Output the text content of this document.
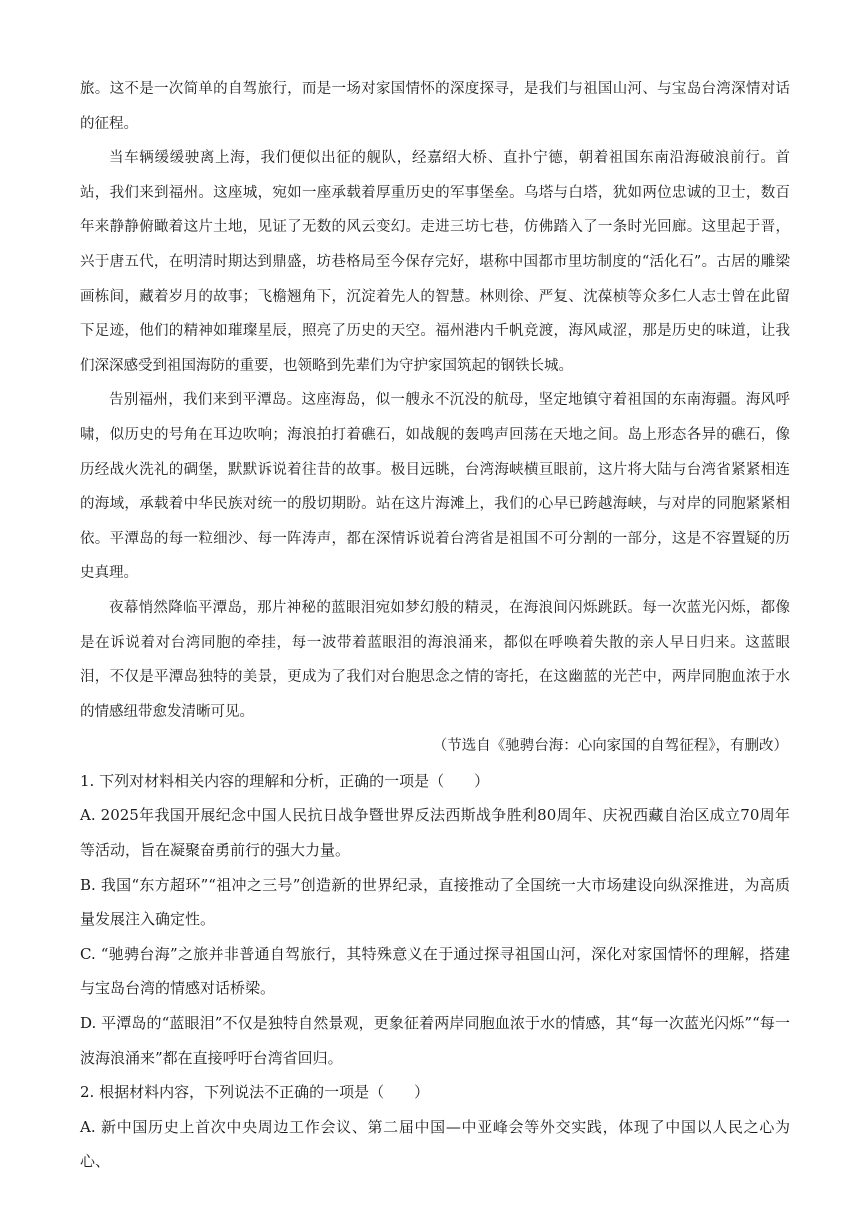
旅。这不是一次简单的自驾旅行，而是一场对家国情怀的深度探寻，是我们与祖国山河、与宝岛台湾深情对话的征程。

当车辆缓缓驶离上海，我们便似出征的舰队，经嘉绍大桥、直扑宁德，朝着祖国东南沿海破浪前行。首站，我们来到福州。这座城，宛如一座承载着厚重历史的军事堡垒。乌塔与白塔，犹如两位忠诚的卫士，数百年来静静俯瞰着这片土地，见证了无数的风云变幻。走进三坊七巷，仿佛踏入了一条时光回廊。这里起于晋，兴于唐五代，在明清时期达到鼎盛，坊巷格局至今保存完好，堪称中国都市里坊制度的“活化石”。古居的雕梁画栋间，藏着岁月的故事；飞檐翘角下，沉淀着先人的智慧。林则徐、严复、沈葆桢等众多仁人志士曾在此留下足迹，他们的精神如璀璨星辰，照亮了历史的天空。福州港内千帆竞渡，海风咸涩，那是历史的味道，让我们深深感受到祖国海防的重要，也领略到先辈们为守护家国筑起的钢铁长城。

告别福州，我们来到平潭岛。这座海岛，似一艘永不沉没的航母，坚定地镇守着祖国的东南海疆。海风呼啸，似历史的号角在耳边吹响；海浪拍打着礁石，如战舰的轰鸣声回荡在天地之间。岛上形态各异的礁石，像历经战火洗礼的碉堡，默默诉说着往昔的故事。极目远眺，台湾海峡横亘眼前，这片将大陆与台湾省紧紧相连的海域，承载着中华民族对统一的殷切期盼。站在这片海滩上，我们的心早已跨越海峡，与对岸的同胞紧紧相依。平潭岛的每一粒细沙、每一阵涛声，都在深情诉说着台湾省是祖国不可分割的一部分，这是不容置疑的历史真理。

夜幕悄然降临平潭岛，那片神秘的蓝眼泪宛如梦幻般的精灵，在海浪间闪烁跳跃。每一次蓝光闪烁，都像是在诉说着对台湾同胞的牵挂，每一波带着蓝眼泪的海浪涌来，都似在呼唤着失散的亲人早日归来。这蓝眼泪，不仅是平潭岛独特的美景，更成为了我们对台胞思念之情的寄托，在这幽蓝的光芒中，两岸同胞血浓于水的情感纽带愈发清晰可见。

（节选自《驰骋台海：心向家国的自驾征程》，有删改）

1. 下列对材料相关内容的理解和分析，正确的一项是（　　）

A. 2025年我国开展纪念中国人民抗日战争暨世界反法西斯战争胜利80周年、庆祝西藏自治区成立70周年等活动，旨在凝聚奋勇前行的强大力量。

B. 我国“东方超环”“祖冲之三号”创造新的世界纪录，直接推动了全国统一大市场建设向纵深推进，为高质量发展注入确定性。

C. “驰骋台海”之旅并非普通自驾旅行，其特殊意义在于通过探寻祖国山河，深化对家国情怀的理解，搭建与宝岛台湾的情感对话桥梁。

D. 平潭岛的“蓝眼泪”不仅是独特自然景观，更象征着两岸同胞血浓于水的情感，其“每一次蓝光闪烁”“每一波海浪涌来”都在直接呼吁台湾省回归。

2. 根据材料内容，下列说法不正确的一项是（　　）

A. 新中国历史上首次中央周边工作会议、第二届中国—中亚峰会等外交实践，体现了中国以人民之心为心、
